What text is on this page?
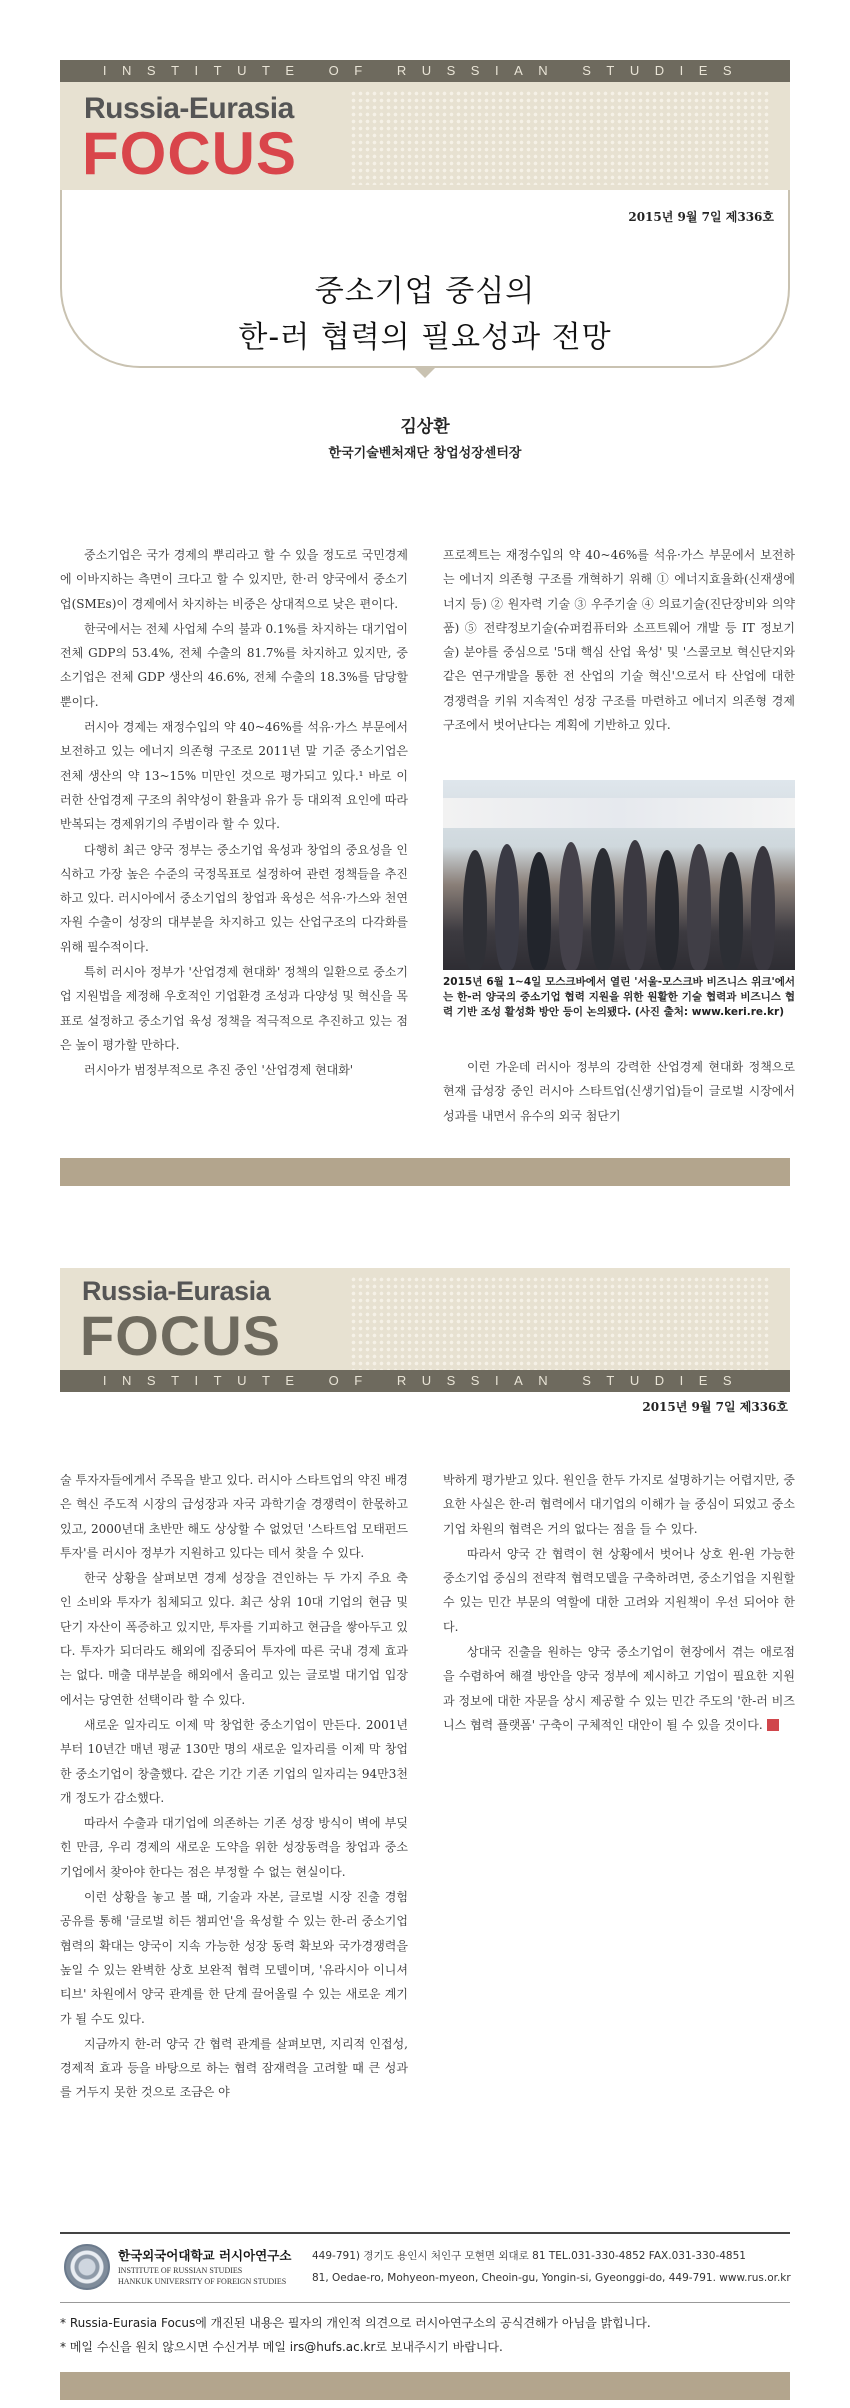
INSTITUTE OF RUSSIAN STUDIES
Russia-Eurasia
FOCUS
2015년 9월 7일 제336호
중소기업 중심의
한-러 협력의 필요성과 전망
김상환
한국기술벤처재단 창업성장센터장

중소기업은 국가 경제의 뿌리라고 할 수 있을 정도로 국민경제에 이바지하는 측면이 크다고 할 수 있지만, 한·러 양국에서 중소기업(SMEs)이 경제에서 차지하는 비중은 상대적으로 낮은 편이다.

한국에서는 전체 사업체 수의 불과 0.1%를 차지하는 대기업이 전체 GDP의 53.4%, 전체 수출의 81.7%를 차지하고 있지만, 중소기업은 전체 GDP 생산의 46.6%, 전체 수출의 18.3%를 담당할 뿐이다.

러시아 경제는 재정수입의 약 40~46%를 석유·가스 부문에서 보전하고 있는 에너지 의존형 구조로 2011년 말 기준 중소기업은 전체 생산의 약 13~15% 미만인 것으로 평가되고 있다.¹ 바로 이러한 산업경제 구조의 취약성이 환율과 유가 등 대외적 요인에 따라 반복되는 경제위기의 주범이라 할 수 있다.

다행히 최근 양국 정부는 중소기업 육성과 창업의 중요성을 인식하고 가장 높은 수준의 국정목표로 설정하여 관련 정책들을 추진하고 있다. 러시아에서 중소기업의 창업과 육성은 석유·가스와 천연자원 수출이 성장의 대부분을 차지하고 있는 산업구조의 다각화를 위해 필수적이다.

특히 러시아 정부가 '산업경제 현대화' 정책의 일환으로 중소기업 지원법을 제정해 우호적인 기업환경 조성과 다양성 및 혁신을 목표로 설정하고 중소기업 육성 정책을 적극적으로 추진하고 있는 점은 높이 평가할 만하다.

러시아가 범정부적으로 추진 중인 '산업경제 현대화'

프로젝트는 재정수입의 약 40~46%를 석유·가스 부문에서 보전하는 에너지 의존형 구조를 개혁하기 위해 ① 에너지효율화(신재생에너지 등) ② 원자력 기술 ③ 우주기술 ④ 의료기술(진단장비와 의약품) ⑤ 전략정보기술(슈퍼컴퓨터와 소프트웨어 개발 등 IT 정보기술) 분야를 중심으로 '5대 핵심 산업 육성' 및 '스콜코보 혁신단지와 같은 연구개발을 통한 전 산업의 기술 혁신'으로서 타 산업에 대한 경쟁력을 키워 지속적인 성장 구조를 마련하고 에너지 의존형 경제구조에서 벗어난다는 계획에 기반하고 있다.

2015년 6월 1~4일 모스크바에서 열린 '서울-모스크바 비즈니스 위크'에서는 한-러 양국의 중소기업 협력 지원을 위한 원활한 기술 협력과 비즈니스 협력 기반 조성 활성화 방안 등이 논의됐다. (사진 출처: www.keri.re.kr)

이런 가운데 러시아 정부의 강력한 산업경제 현대화 정책으로 현재 급성장 중인 러시아 스타트업(신생기업)들이 글로벌 시장에서 성과를 내면서 유수의 외국 첨단기

Russia-Eurasia
FOCUS
INSTITUTE OF RUSSIAN STUDIES
2015년 9월 7일 제336호

술 투자자들에게서 주목을 받고 있다. 러시아 스타트업의 약진 배경은 혁신 주도적 시장의 급성장과 자국 과학기술 경쟁력이 한몫하고 있고, 2000년대 초반만 해도 상상할 수 없었던 '스타트업 모태펀드 투자'를 러시아 정부가 지원하고 있다는 데서 찾을 수 있다.

한국 상황을 살펴보면 경제 성장을 견인하는 두 가지 주요 축인 소비와 투자가 침체되고 있다. 최근 상위 10대 기업의 현금 및 단기 자산이 폭증하고 있지만, 투자를 기피하고 현금을 쌓아두고 있다. 투자가 되더라도 해외에 집중되어 투자에 따른 국내 경제 효과는 없다. 매출 대부분을 해외에서 올리고 있는 글로벌 대기업 입장에서는 당연한 선택이라 할 수 있다.

새로운 일자리도 이제 막 창업한 중소기업이 만든다. 2001년부터 10년간 매년 평균 130만 명의 새로운 일자리를 이제 막 창업한 중소기업이 창출했다. 같은 기간 기존 기업의 일자리는 94만3천 개 정도가 감소했다.

따라서 수출과 대기업에 의존하는 기존 성장 방식이 벽에 부딪힌 만큼, 우리 경제의 새로운 도약을 위한 성장동력을 창업과 중소기업에서 찾아야 한다는 점은 부정할 수 없는 현실이다.

이런 상황을 놓고 볼 때, 기술과 자본, 글로벌 시장 진출 경험 공유를 통해 '글로벌 히든 챔피언'을 육성할 수 있는 한-러 중소기업 협력의 확대는 양국이 지속 가능한 성장 동력 확보와 국가경쟁력을 높일 수 있는 완벽한 상호 보완적 협력 모델이며, '유라시아 이니셔티브' 차원에서 양국 관계를 한 단계 끌어올릴 수 있는 새로운 계기가 될 수도 있다.

지금까지 한-러 양국 간 협력 관계를 살펴보면, 지리적 인접성, 경제적 효과 등을 바탕으로 하는 협력 잠재력을 고려할 때 큰 성과를 거두지 못한 것으로 조금은 야

박하게 평가받고 있다. 원인을 한두 가지로 설명하기는 어렵지만, 중요한 사실은 한-러 협력에서 대기업의 이해가 늘 중심이 되었고 중소기업 차원의 협력은 거의 없다는 점을 들 수 있다.

따라서 양국 간 협력이 현 상황에서 벗어나 상호 윈-윈 가능한 중소기업 중심의 전략적 협력모델을 구축하려면, 중소기업을 지원할 수 있는 민간 부문의 역할에 대한 고려와 지원책이 우선 되어야 한다.

상대국 진출을 원하는 양국 중소기업이 현장에서 겪는 애로점을 수렴하여 해결 방안을 양국 정부에 제시하고 기업이 필요한 지원과 정보에 대한 자문을 상시 제공할 수 있는 민간 주도의 '한-러 비즈니스 협력 플랫폼' 구축이 구체적인 대안이 될 수 있을 것이다.	R

한국외국어대학교 러시아연구소
INSTITUTE OF RUSSIAN STUDIES
HANKUK UNIVERSITY OF FOREIGN STUDIES
449-791) 경기도 용인시 처인구 모현면 외대로 81 TEL.031-330-4852 FAX.031-330-4851
81, Oedae-ro, Mohyeon-myeon, Cheoin-gu, Yongin-si, Gyeonggi-do, 449-791. www.rus.or.kr
* Russia-Eurasia Focus에 개진된 내용은 필자의 개인적 의견으로 러시아연구소의 공식견해가 아님을 밝힙니다.
* 메일 수신을 원치 않으시면 수신거부 메일 irs@hufs.ac.kr로 보내주시기 바랍니다.
